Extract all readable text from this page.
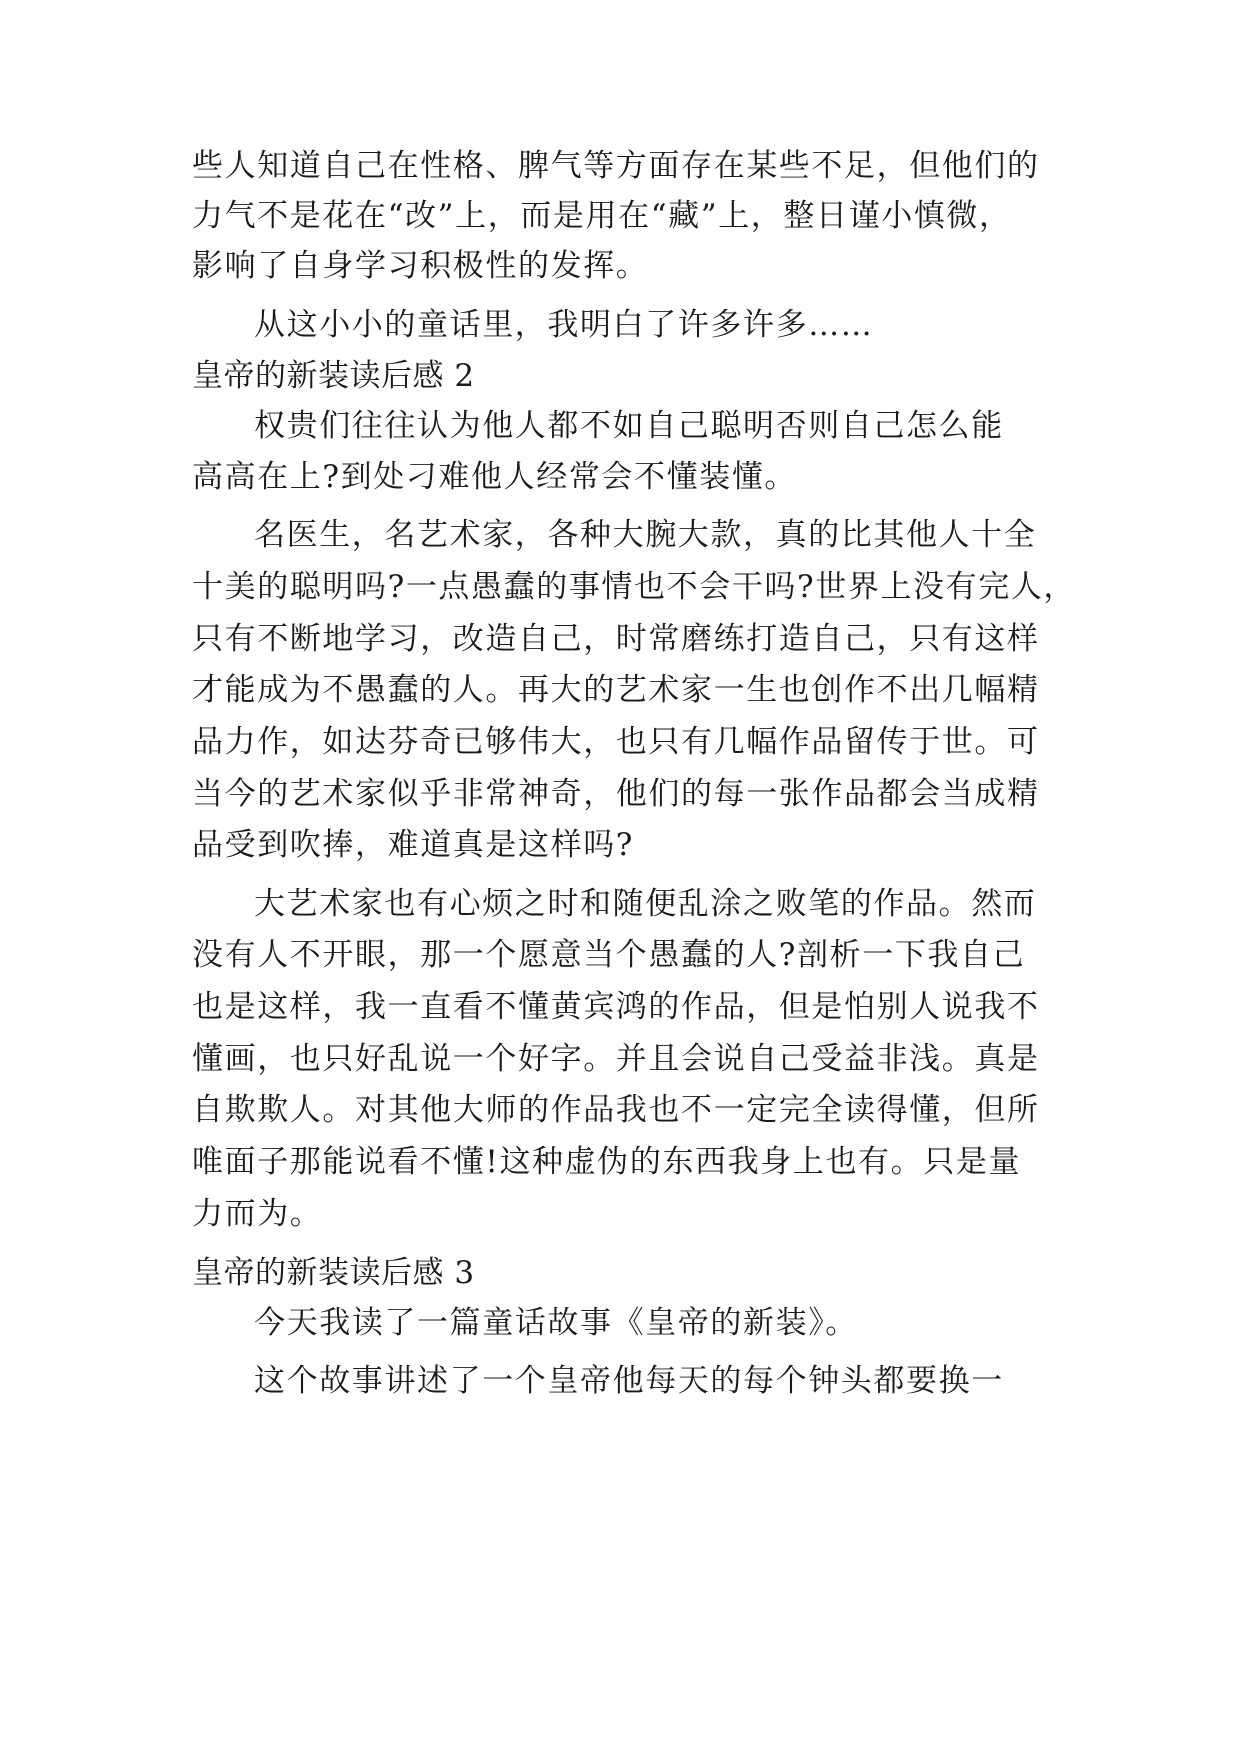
些人知道自己在性格、脾气等方面存在某些不足，但他们的
力气不是花在“改”上，而是用在“藏”上，整日谨小慎微，
影响了自身学习积极性的发挥。
从这小小的童话里，我明白了许多许多……
皇帝的新装读后感 2
权贵们往往认为他人都不如自己聪明否则自己怎么能
高高在上?到处刁难他人经常会不懂装懂。
名医生，名艺术家，各种大腕大款，真的比其他人十全
十美的聪明吗?一点愚蠢的事情也不会干吗?世界上没有完人，
只有不断地学习，改造自己，时常磨练打造自己，只有这样
才能成为不愚蠢的人。再大的艺术家一生也创作不出几幅精
品力作，如达芬奇已够伟大，也只有几幅作品留传于世。可
当今的艺术家似乎非常神奇，他们的每一张作品都会当成精
品受到吹捧，难道真是这样吗?
大艺术家也有心烦之时和随便乱涂之败笔的作品。然而
没有人不开眼，那一个愿意当个愚蠢的人?剖析一下我自己
也是这样，我一直看不懂黄宾鸿的作品，但是怕别人说我不
懂画，也只好乱说一个好字。并且会说自己受益非浅。真是
自欺欺人。对其他大师的作品我也不一定完全读得懂，但所
唯面子那能说看不懂!这种虚伪的东西我身上也有。只是量
力而为。
皇帝的新装读后感 3
今天我读了一篇童话故事《皇帝的新装》。
这个故事讲述了一个皇帝他每天的每个钟头都要换一
